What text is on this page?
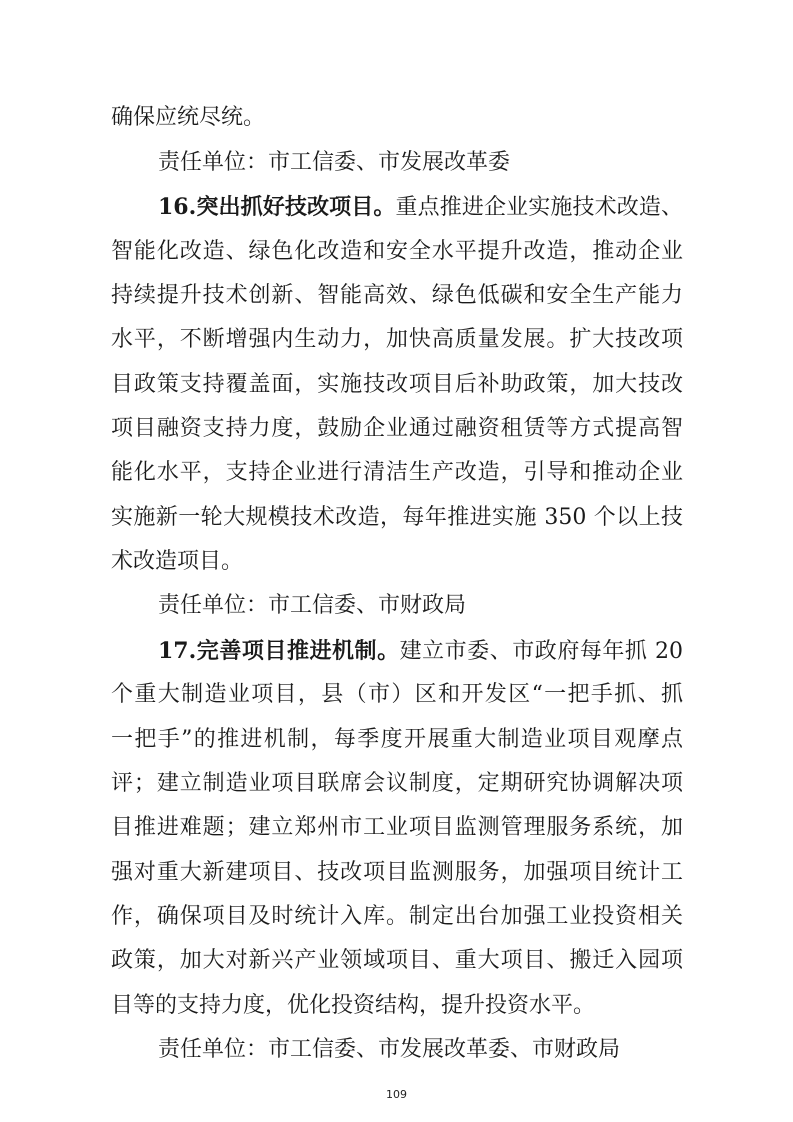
确保应统尽统。
责任单位：市工信委、市发展改革委
16.突出抓好技改项目。重点推进企业实施技术改造、
智能化改造、绿色化改造和安全水平提升改造，推动企业
持续提升技术创新、智能高效、绿色低碳和安全生产能力
水平，不断增强内生动力，加快高质量发展。扩大技改项
目政策支持覆盖面，实施技改项目后补助政策，加大技改
项目融资支持力度，鼓励企业通过融资租赁等方式提高智
能化水平，支持企业进行清洁生产改造，引导和推动企业
实施新一轮大规模技术改造，每年推进实施 350 个以上技
术改造项目。
责任单位：市工信委、市财政局
17.完善项目推进机制。建立市委、市政府每年抓 20
个重大制造业项目，县（市）区和开发区“一把手抓、抓
一把手”的推进机制，每季度开展重大制造业项目观摩点
评；建立制造业项目联席会议制度，定期研究协调解决项
目推进难题；建立郑州市工业项目监测管理服务系统，加
强对重大新建项目、技改项目监测服务，加强项目统计工
作，确保项目及时统计入库。制定出台加强工业投资相关
政策，加大对新兴产业领域项目、重大项目、搬迁入园项
目等的支持力度，优化投资结构，提升投资水平。
责任单位：市工信委、市发展改革委、市财政局
109
